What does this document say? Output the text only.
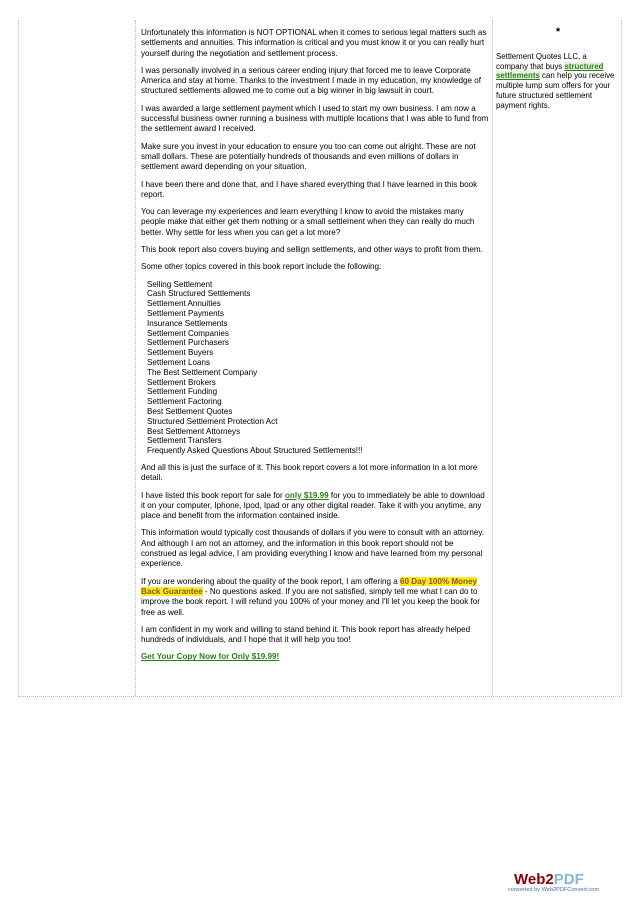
Unfortunately this information is NOT OPTIONAL when it comes to serious legal matters such as settlements and annuities. This information is critical and you must know it or you can really hurt yourself during the negotiation and settlement process.

I was personally involved in a serious career ending injury that forced me to leave Corporate America and stay at home. Thanks to the investment I made in my education, my knowledge of structured settlements allowed me to come out a big winner in big lawsuit in court.

I was awarded a large settlement payment which I used to start my own business. I am now a successful business owner running a business with multiple locations that I was able to fund from the settlement award I received.

Make sure you invest in your education to ensure you too can come out alright. These are not small dollars. These are potentially hundreds of thousands and even millions of dollars in settlement award depending on your situation.

I have been there and done that, and I have shared everything that I have learned in this book report.

You can leverage my experiences and learn everything I know to avoid the mistakes many people make that either get them nothing or a small settlement when they can really do much better. Why settle for less when you can get a lot more?

This book report also covers buying and sellign settlements, and other ways to profit from them.

Some other topics covered in this book report include the following:

Selling Settlement
Cash Structured Settlements
Settlement Annuities
Settlement Payments
Insurance Settlements
Settlement Companies
Settlement Purchasers
Settlement Buyers
Settlement Loans
The Best Settlement Company
Settlement Brokers
Settlement Funding
Settlement Factoring
Best Settlement Quotes
Structured Settlement Protection Act
Best Settlement Attorneys
Settlement Transfers
Frequently Asked Questions About Structured Settlements!!!

And all this is just the surface of it. This book report covers a lot more information in a lot more detail.

I have listed this book report for sale for only $19.99 for you to immediately be able to download it on your computer, Iphone, Ipod, Ipad or any other digital reader. Take it with you anytime, any place and benefit from the information contained inside.

This information would typically cost thousands of dollars if you were to consult with an attorney. And although I am not an attorney, and the information in this book report should not be construed as legal advice, I am providing everything I know and have learned from my personal experience.

If you are wondering about the quality of the book report, I am offering a 60 Day 100% Money Back Guarantee - No questions asked. If you are not satisfied, simply tell me what I can do to improve the book report. I will refund you 100% of your money and I'll let you keep the book for free as well.

I am confident in my work and willing to stand behind it. This book report has already helped hundreds of individuals, and I hope that it will help you too!

Get Your Copy Now for Only $19.99!

*
Settlement Quotes LLC, a company that buys structured settlements can help you receive multiple lump sum offers for your future structured settlement payment rights.
Web2PDF
converted by Web2PDFConvert.com
